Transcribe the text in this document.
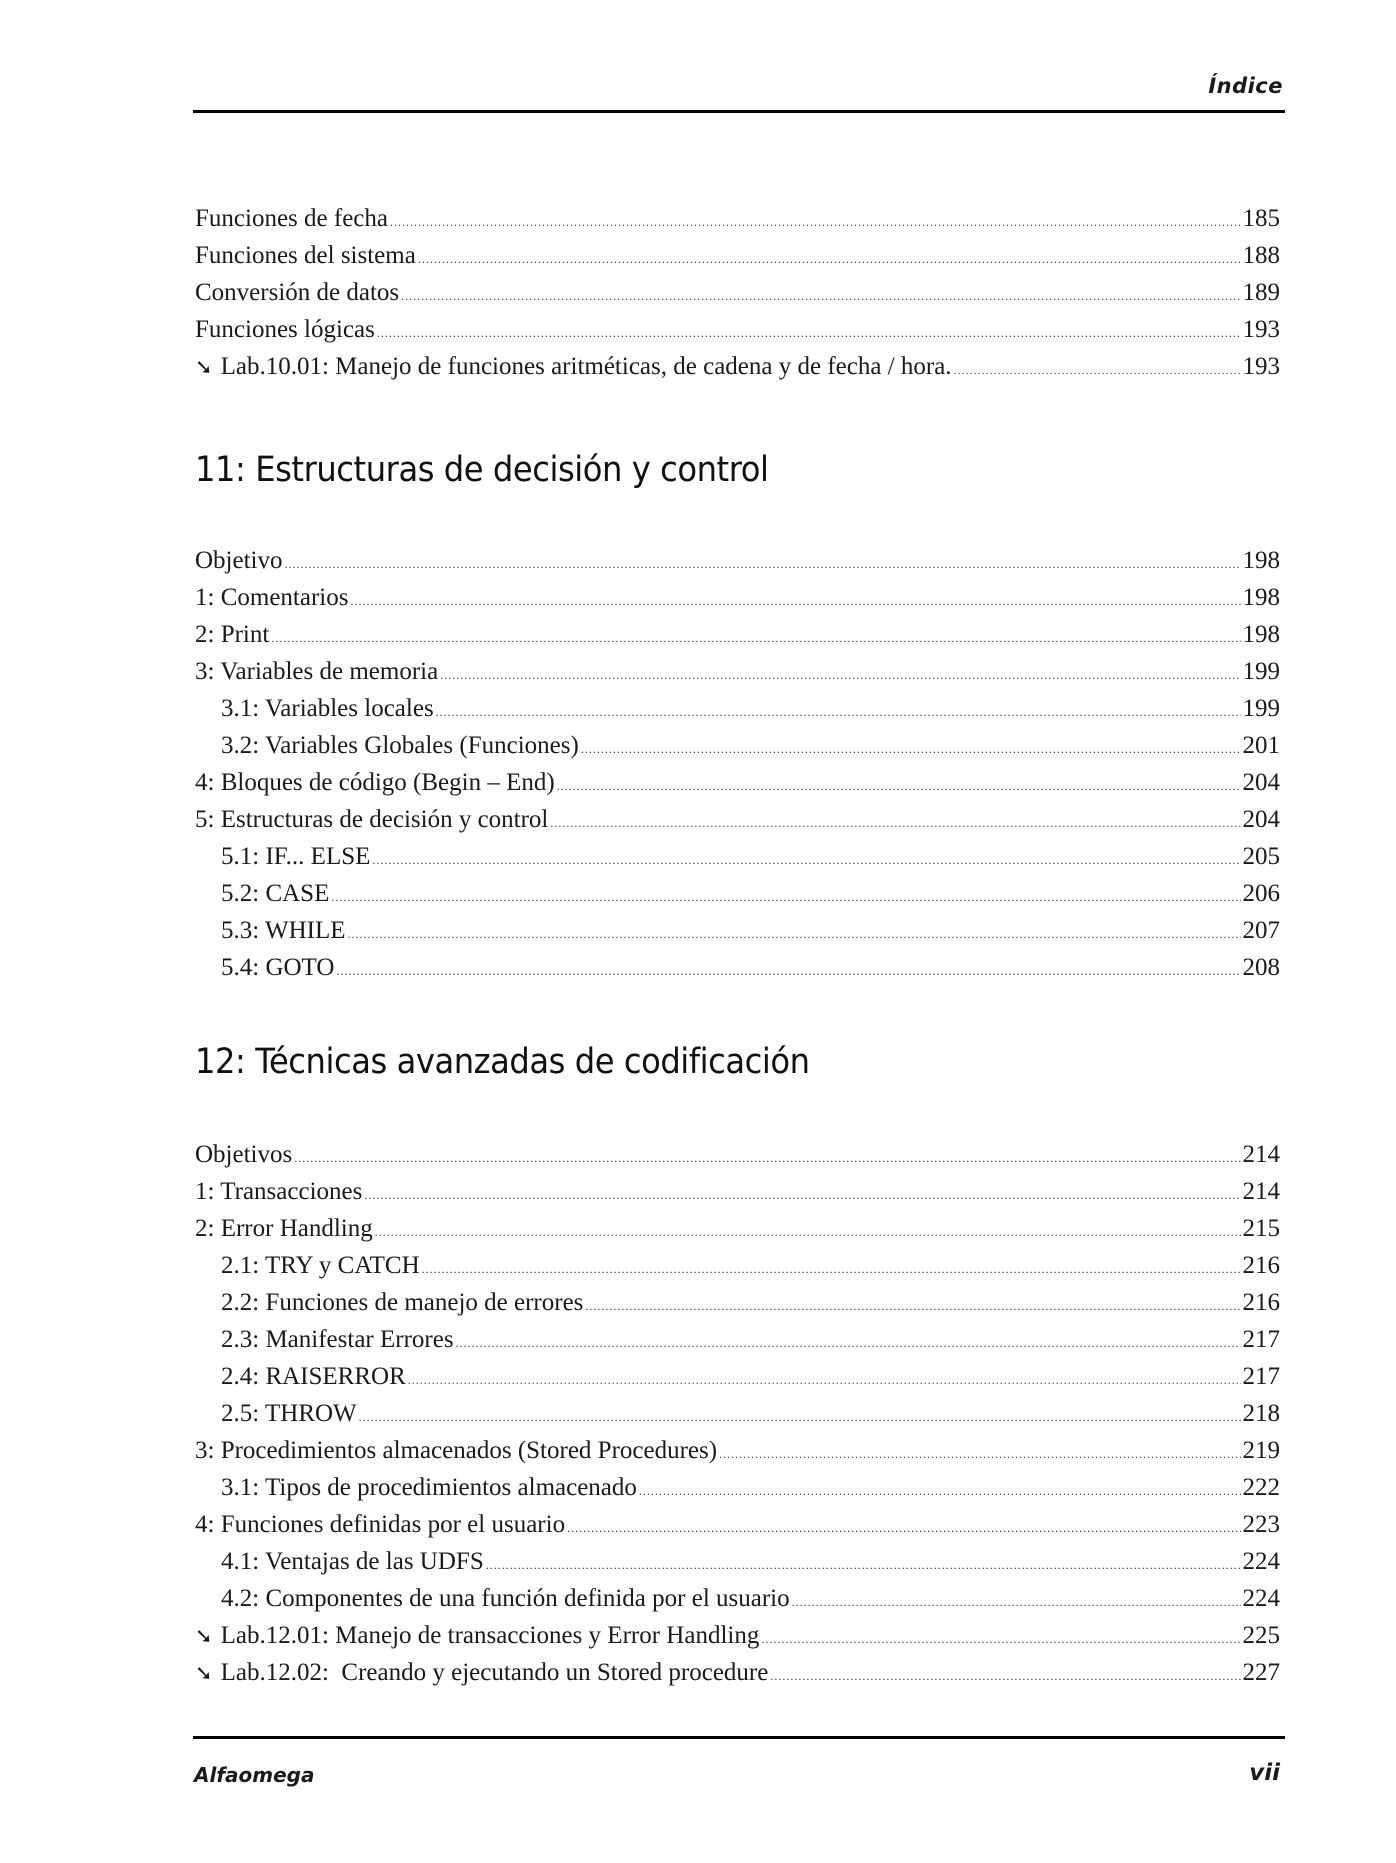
Índice
Funciones de fecha .....	185
Funciones del sistema .....	188
Conversión de datos .....	189
Funciones lógicas .....	193
➘ Lab.10.01: Manejo de funciones aritméticas, de cadena y de fecha / hora. .....	193
11: Estructuras de decisión y control
Objetivo .....	198
1: Comentarios .....	198
2: Print .....	198
3: Variables de memoria .....	199
3.1: Variables locales .....	199
3.2: Variables Globales (Funciones) .....	201
4: Bloques de código (Begin – End) .....	204
5: Estructuras de decisión y control .....	204
5.1: IF... ELSE .....	205
5.2: CASE .....	206
5.3: WHILE .....	207
5.4: GOTO .....	208
12: Técnicas avanzadas de codificación
Objetivos .....	214
1: Transacciones .....	214
2: Error Handling .....	215
2.1: TRY y CATCH .....	216
2.2: Funciones de manejo de errores .....	216
2.3: Manifestar Errores .....	217
2.4: RAISERROR .....	217
2.5: THROW .....	218
3: Procedimientos almacenados (Stored Procedures) .....	219
3.1: Tipos de procedimientos almacenado .....	222
4: Funciones definidas por el usuario .....	223
4.1: Ventajas de las UDFS .....	224
4.2: Componentes de una función definida por el usuario .....	224
➘ Lab.12.01: Manejo de transacciones y Error Handling .....	225
➘ Lab.12.02:  Creando y ejecutando un Stored procedure .....	227
Alfaomega	vii
